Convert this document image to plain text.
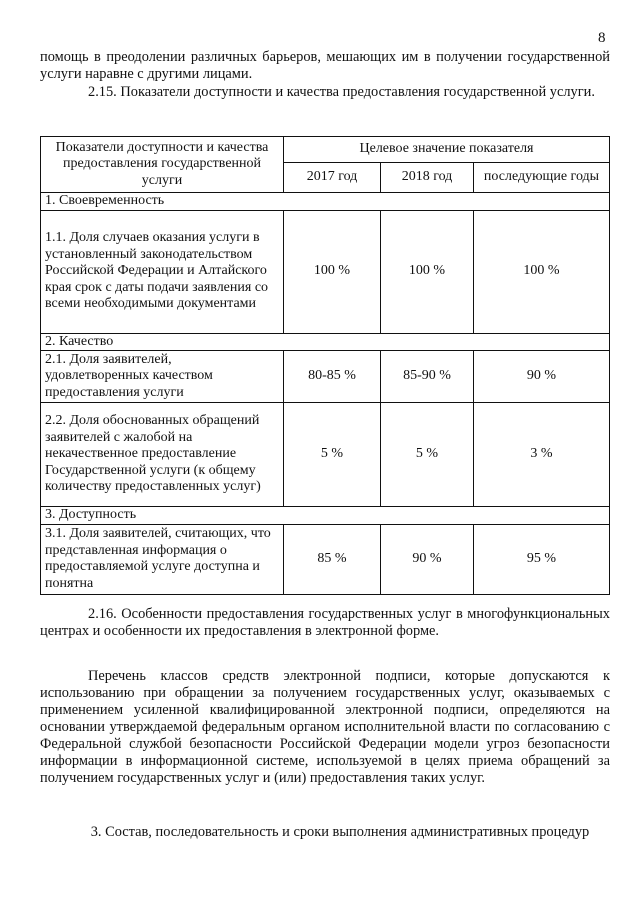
8
помощь в преодолении различных барьеров, мешающих им в получении государственной услуги наравне с другими лицами.
2.15. Показатели доступности и качества предоставления государственной услуги.
Показатели доступности и качества предоставления государственной услуги	Целевое значение показателя		
	2017 год	2018 год	последующие годы
1. Своевременность			
1.1. Доля случаев оказания услуги в установленный законодательством Российской Федерации и Алтайского края срок с даты подачи заявления со всеми необходимыми документами	100 %	100 %	100 %
2. Качество			
2.1. Доля заявителей, удовлетворенных качеством предоставления услуги	80-85 %	85-90 %	90 %
2.2. Доля обоснованных обращений заявителей с жалобой на некачественное предоставление Государственной услуги (к общему количеству предоставленных услуг)	5 %	5 %	3 %
3. Доступность			
3.1. Доля заявителей, считающих, что представленная информация о предоставляемой услуге доступна и понятна	85 %	90 %	95 %
2.16. Особенности предоставления государственных услуг в многофункциональных центрах и особенности их предоставления в электронной форме.
Перечень классов средств электронной подписи, которые допускаются к использованию при обращении за получением государственных услуг, оказываемых с применением усиленной квалифицированной электронной подписи, определяются на основании утверждаемой федеральным органом исполнительной власти по согласованию с Федеральной службой безопасности Российской Федерации модели угроз безопасности информации в информационной системе, используемой в целях приема обращений за получением государственных услуг и (или) предоставления таких услуг.
3. Состав, последовательность и сроки выполнения административных процедур
